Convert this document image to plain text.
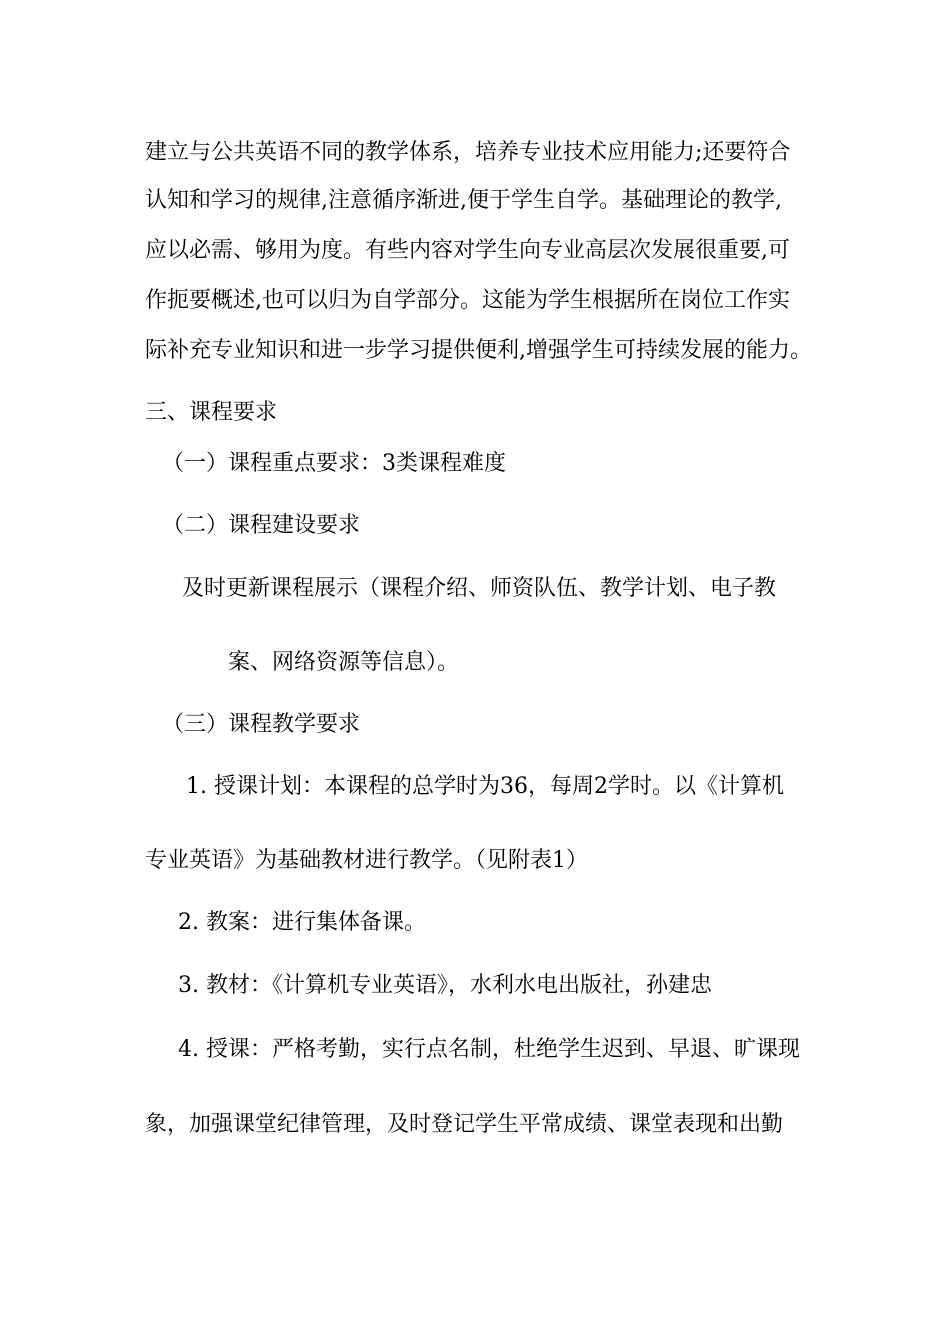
建立与公共英语不同的教学体系，培养专业技术应用能力;还要符合
认知和学习的规律,注意循序渐进,便于学生自学。基础理论的教学,
应以必需、够用为度。有些内容对学生向专业高层次发展很重要,可
作扼要概述,也可以归为自学部分。这能为学生根据所在岗位工作实
际补充专业知识和进一步学习提供便利,增强学生可持续发展的能力。
三、课程要求
（一）课程重点要求：3类课程难度
（二）课程建设要求
及时更新课程展示（课程介绍、师资队伍、教学计划、电子教
案、网络资源等信息）。
（三）课程教学要求
1. 授课计划：本课程的总学时为36，每周2学时。以《计算机
专业英语》为基础教材进行教学。（见附表1）
2. 教案：进行集体备课。
3. 教材：《计算机专业英语》，水利水电出版社，孙建忠
4. 授课：严格考勤，实行点名制，杜绝学生迟到、早退、旷课现
象，加强课堂纪律管理，及时登记学生平常成绩、课堂表现和出勤
